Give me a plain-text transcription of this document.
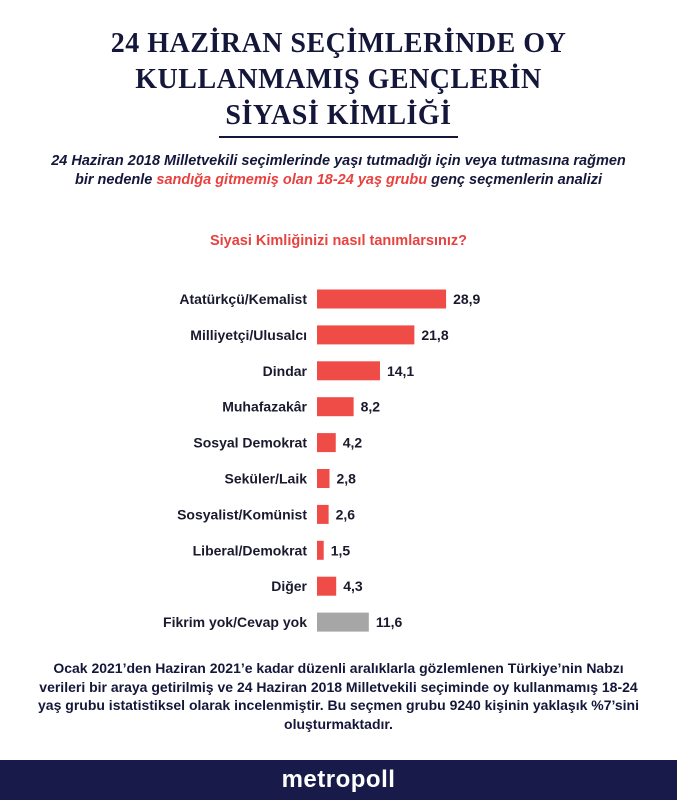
24 HAZİRAN SEÇİMLERİNDE OY
KULLANMAMIŞ GENÇLERİN
SİYASİ KİMLİĞİ
24 Haziran 2018 Milletvekili seçimlerinde yaşı tutmadığı için veya tutmasına rağmen bir nedenle sandığa gitmemiş olan 18-24 yaş grubu genç seçmenlerin analizi
Siyasi Kimliğinizi nasıl tanımlarsınız?
Atatürkçü/Kemalist	28,9
Milliyetçi/Ulusalcı	21,8
Dindar	14,1
Muhafazakâr	8,2
Sosyal Demokrat	4,2
Seküler/Laik 2,8
Sosyalist/Komünist 2,6
Liberal/Demokrat 1,5
Diğer	4,3
Fikrim yok/Cevap yok	11,6
Ocak 2021’den Haziran 2021’e kadar düzenli aralıklarla gözlemlenen Türkiye’nin Nabzı verileri bir araya getirilmiş ve 24 Haziran 2018 Milletvekili seçiminde oy kullanmamış 18-24 yaş grubu istatistiksel olarak incelenmiştir. Bu seçmen grubu 9240 kişinin yaklaşık %7’sini oluşturmaktadır.
metropoll
